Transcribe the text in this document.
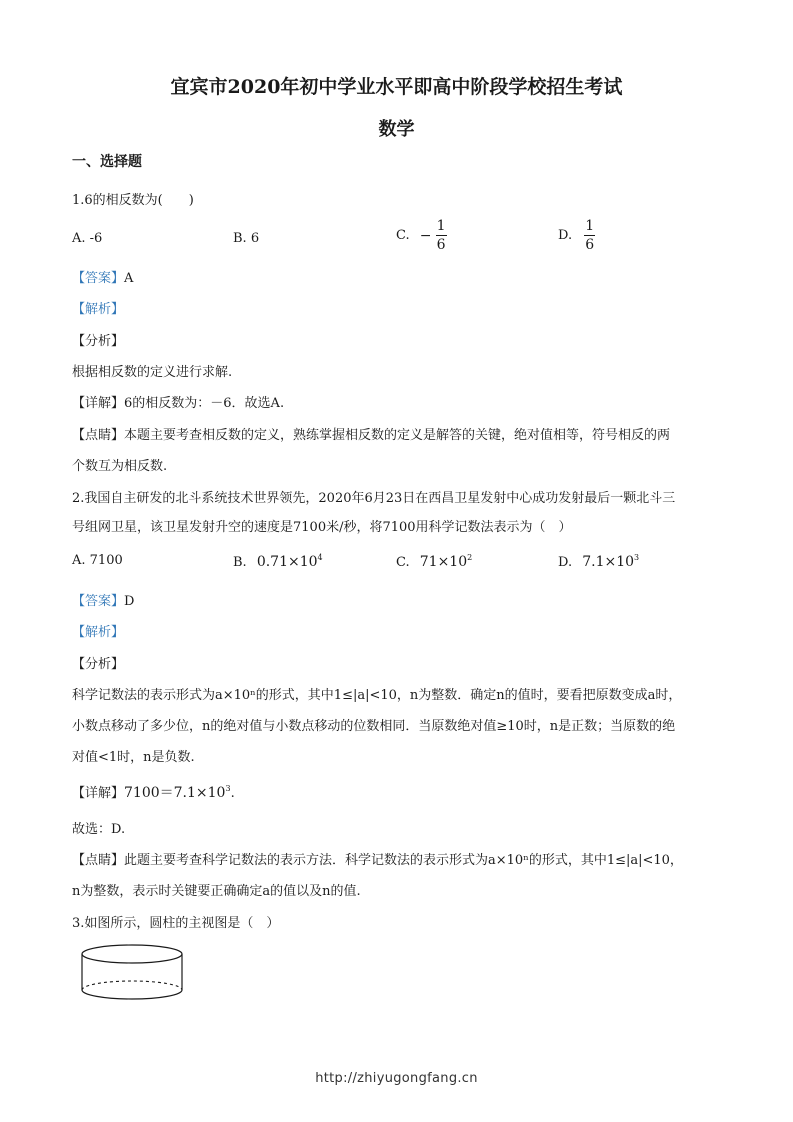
宜宾市2020年初中学业水平即高中阶段学校招生考试
数学
一、选择题
1.6的相反数为(　　)
A. -6	B. 6	C. − $\frac{1}{6}$	D. $\frac{1}{6}$
【答案】A
【解析】
【分析】
根据相反数的定义进行求解.
【详解】6的相反数为：－6．故选A.
【点睛】本题主要考查相反数的定义，熟练掌握相反数的定义是解答的关键，绝对值相等，符号相反的两
个数互为相反数.
2.我国自主研发的北斗系统技术世界领先，2020年6月23日在西昌卫星发射中心成功发射最后一颗北斗三
号组网卫星，该卫星发射升空的速度是7100米/秒，将7100用科学记数法表示为（　）
A. 7100	B. $0.71\times 10^4$	C. $71\times 10^2$	D. $7.1\times 10^3$
【答案】D
【解析】
【分析】
科学记数法的表示形式为a×10ⁿ的形式，其中1≤|a|<10，n为整数．确定n的值时，要看把原数变成a时，
小数点移动了多少位，n的绝对值与小数点移动的位数相同．当原数绝对值≥10时，n是正数；当原数的绝
对值<1时，n是负数.
【详解】$7100=7.1\times 10^3$.
故选：D.
【点睛】此题主要考查科学记数法的表示方法．科学记数法的表示形式为a×10ⁿ的形式，其中1≤|a|<10，
n为整数，表示时关键要正确确定a的值以及n的值.
3.如图所示，圆柱的主视图是（　）
http://zhiyugongfang.cn
